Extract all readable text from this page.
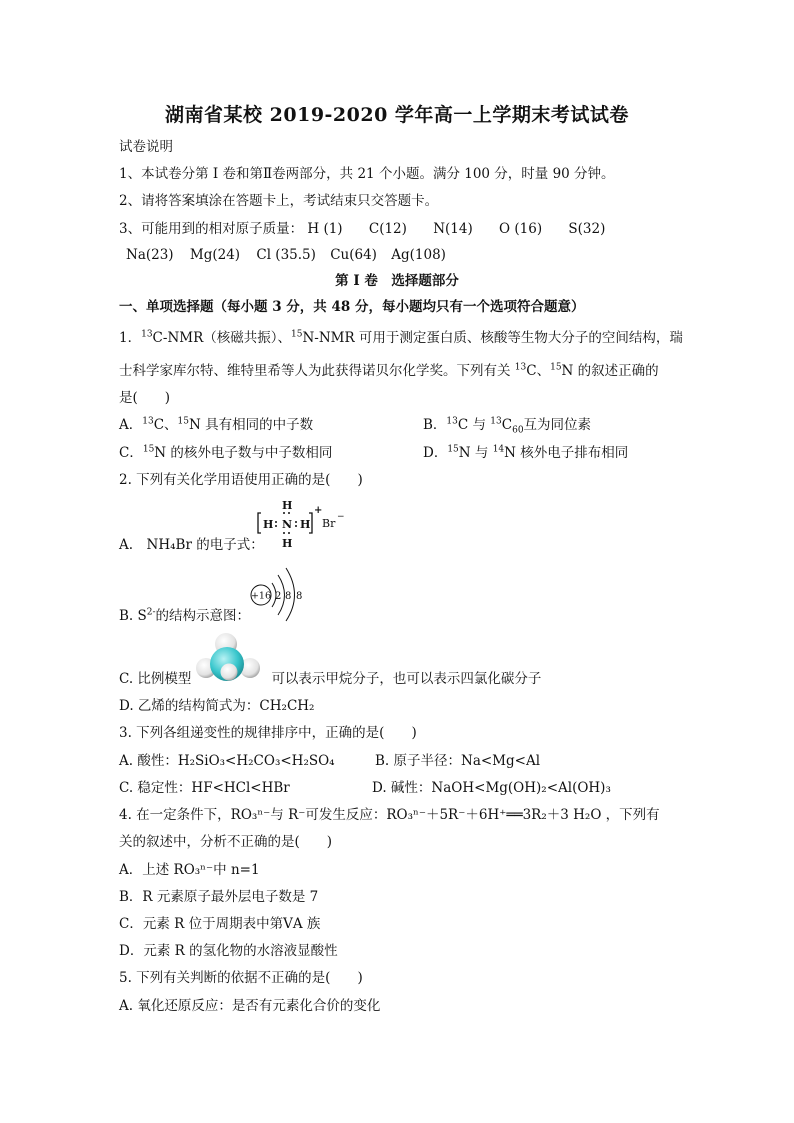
湖南省某校 2019-2020 学年高一上学期末考试试卷
试卷说明
1、本试卷分第 I 卷和第Ⅱ卷两部分，共 21 个小题。满分 100 分，时量 90 分钟。
2、请将答案填涂在答题卡上，考试结束只交答题卡。
3、可能用到的相对原子质量： H (1) C(12) N(14) O (16) S(32)
Na(23) Mg(24) Cl (35.5) Cu(64) Ag(108)
第 I 卷　选择题部分
一、单项选择题（每小题 3 分，共 48 分，每小题均只有一个选项符合题意）
1．$^{13}$C-NMR（核磁共振）、$^{15}$N-NMR 可用于测定蛋白质、核酸等生物大分子的空间结构，瑞
士科学家库尔特、维特里希等人为此获得诺贝尔化学奖。下列有关 $^{13}$C、$^{15}$N 的叙述正确的
是(　　)
A．$^{13}$C、$^{15}$N 具有相同的中子数	B．$^{13}$C 与 $^{13}C_{60}$互为同位素
C．$^{15}$N 的核外电子数与中子数相同	D．$^{15}$N 与 $^{14}$N 核外电子排布相同
2. 下列有关化学用语使用正确的是(　　)
H
H
H H
N
+
Br −
A.　NH₄Br 的电子式：
+16 2 8 8
B. $S^{2-}$的结构示意图：
C. 比例模型	可以表示甲烷分子，也可以表示四氯化碳分子
D. 乙烯的结构简式为：CH₂CH₂
3. 下列各组递变性的规律排序中，正确的是(　　)
A. 酸性：H₂SiO₃<H₂CO₃<H₂SO₄	B. 原子半径：Na<Mg<Al
C. 稳定性：HF<HCl<HBr	D. 碱性：NaOH<Mg(OH)₂<Al(OH)₃
4. 在一定条件下，RO₃ⁿ⁻与 R⁻可发生反应：RO₃ⁿ⁻＋5R⁻＋6H⁺══3R₂＋3 H₂O ，下列有
关的叙述中，分析不正确的是(　　)
A．上述 RO₃ⁿ⁻中 n=1
B．R 元素原子最外层电子数是 7
C．元素 R 位于周期表中第ⅤA 族
D．元素 R 的氢化物的水溶液显酸性
5. 下列有关判断的依据不正确的是(　　)
A. 氧化还原反应：是否有元素化合价的变化
